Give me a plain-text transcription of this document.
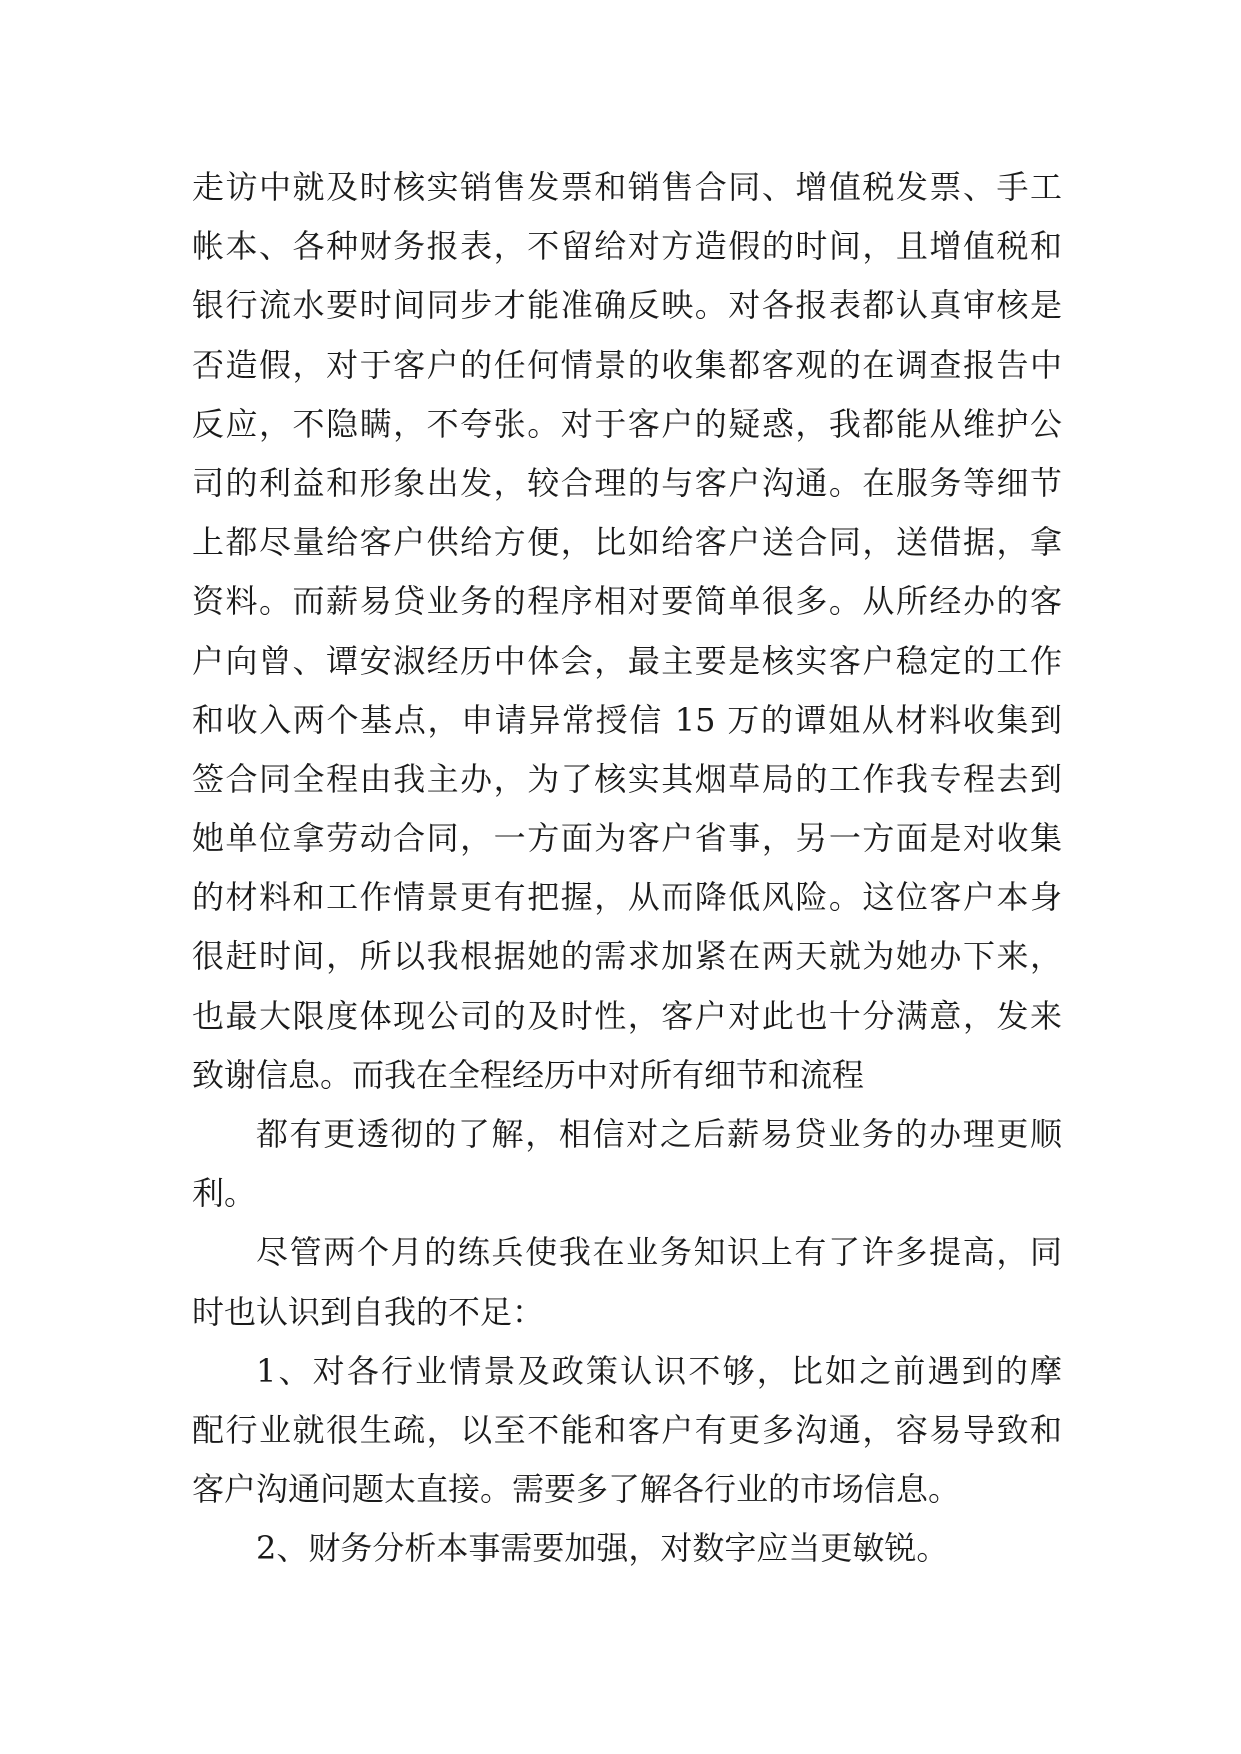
走访中就及时核实销售发票和销售合同、增值税发票、手工
帐本、各种财务报表，不留给对方造假的时间，且增值税和
银行流水要时间同步才能准确反映。对各报表都认真审核是
否造假，对于客户的任何情景的收集都客观的在调查报告中
反应，不隐瞒，不夸张。对于客户的疑惑，我都能从维护公
司的利益和形象出发，较合理的与客户沟通。在服务等细节
上都尽量给客户供给方便，比如给客户送合同，送借据，拿
资料。而薪易贷业务的程序相对要简单很多。从所经办的客
户向曾、谭安淑经历中体会，最主要是核实客户稳定的工作
和收入两个基点，申请异常授信 15 万的谭姐从材料收集到
签合同全程由我主办，为了核实其烟草局的工作我专程去到
她单位拿劳动合同，一方面为客户省事，另一方面是对收集
的材料和工作情景更有把握，从而降低风险。这位客户本身
很赶时间，所以我根据她的需求加紧在两天就为她办下来，
也最大限度体现公司的及时性，客户对此也十分满意，发来
致谢信息。而我在全程经历中对所有细节和流程
都有更透彻的了解，相信对之后薪易贷业务的办理更顺
利。
尽管两个月的练兵使我在业务知识上有了许多提高，同
时也认识到自我的不足：
1、对各行业情景及政策认识不够，比如之前遇到的摩
配行业就很生疏，以至不能和客户有更多沟通，容易导致和
客户沟通问题太直接。需要多了解各行业的市场信息。
2、财务分析本事需要加强，对数字应当更敏锐。
